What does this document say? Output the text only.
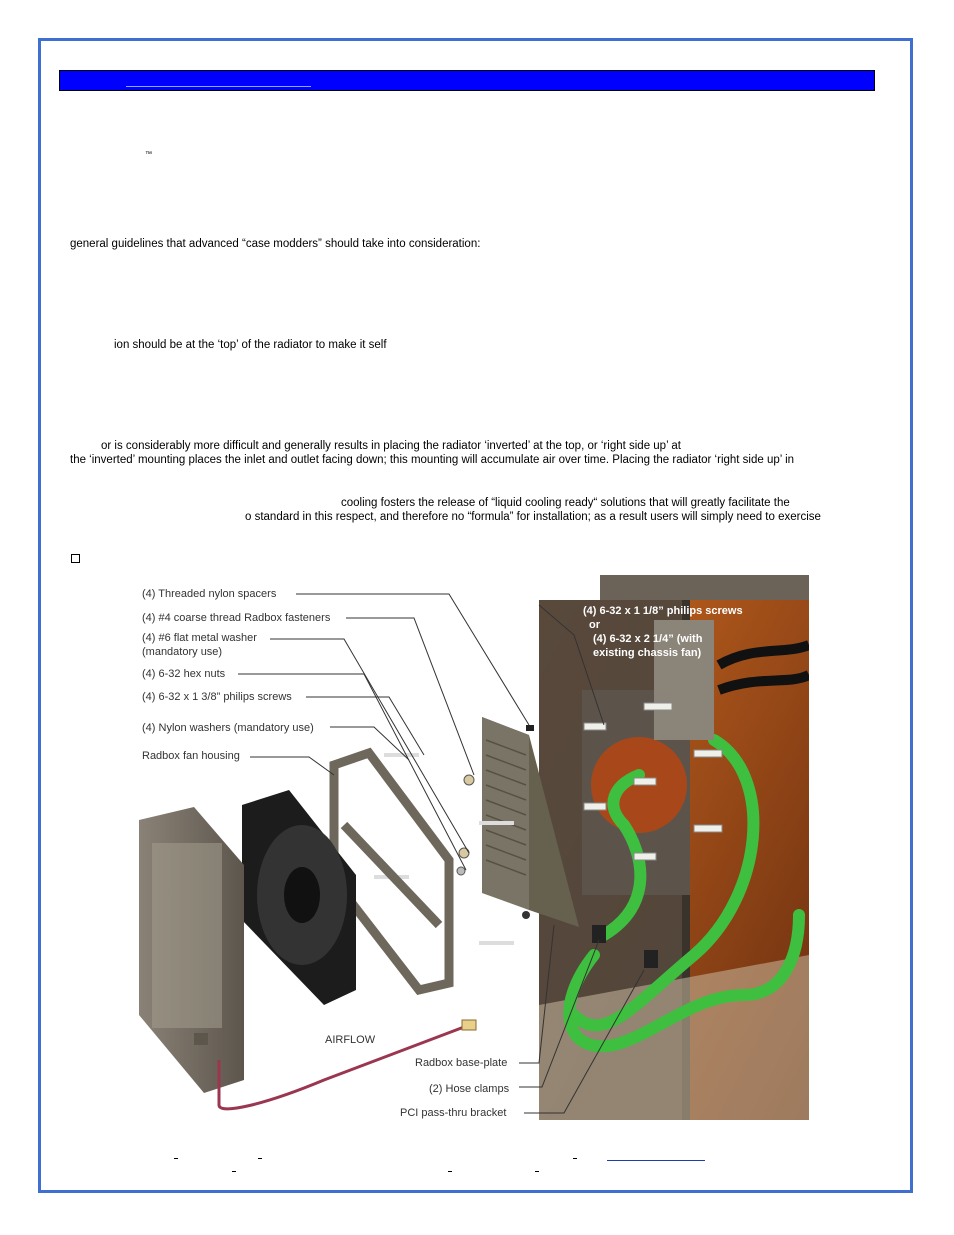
™
general guidelines that advanced “case modders” should take into consideration:
ion should be at the ‘top’ of the radiator to make it self
or is considerably more difficult and generally results in placing the radiator ‘inverted’ at the top, or ‘right side up’ at
the ‘inverted’ mounting places the inlet and outlet facing down; this mounting will accumulate air over time. Placing the radiator ‘right side up’ in
cooling fosters the release of “liquid cooling ready“ solutions that will greatly facilitate the
o standard in this respect, and therefore no “formula” for installation; as a result users will simply need to exercise
(4) Threaded nylon spacers
(4) #4 coarse thread Radbox fasteners
(4) #6 flat metal washer
(mandatory use)
(4) 6-32 hex nuts
(4) 6-32 x 1 3/8” philips screws
(4) Nylon washers (mandatory use)
Radbox fan housing
AIRFLOW
Radbox base-plate
(2) Hose clamps
PCI pass-thru bracket
(4) 6-32 x 1 1/8” philips screws
or
(4) 6-32 x 2 1/4” (with
existing chassis fan)
